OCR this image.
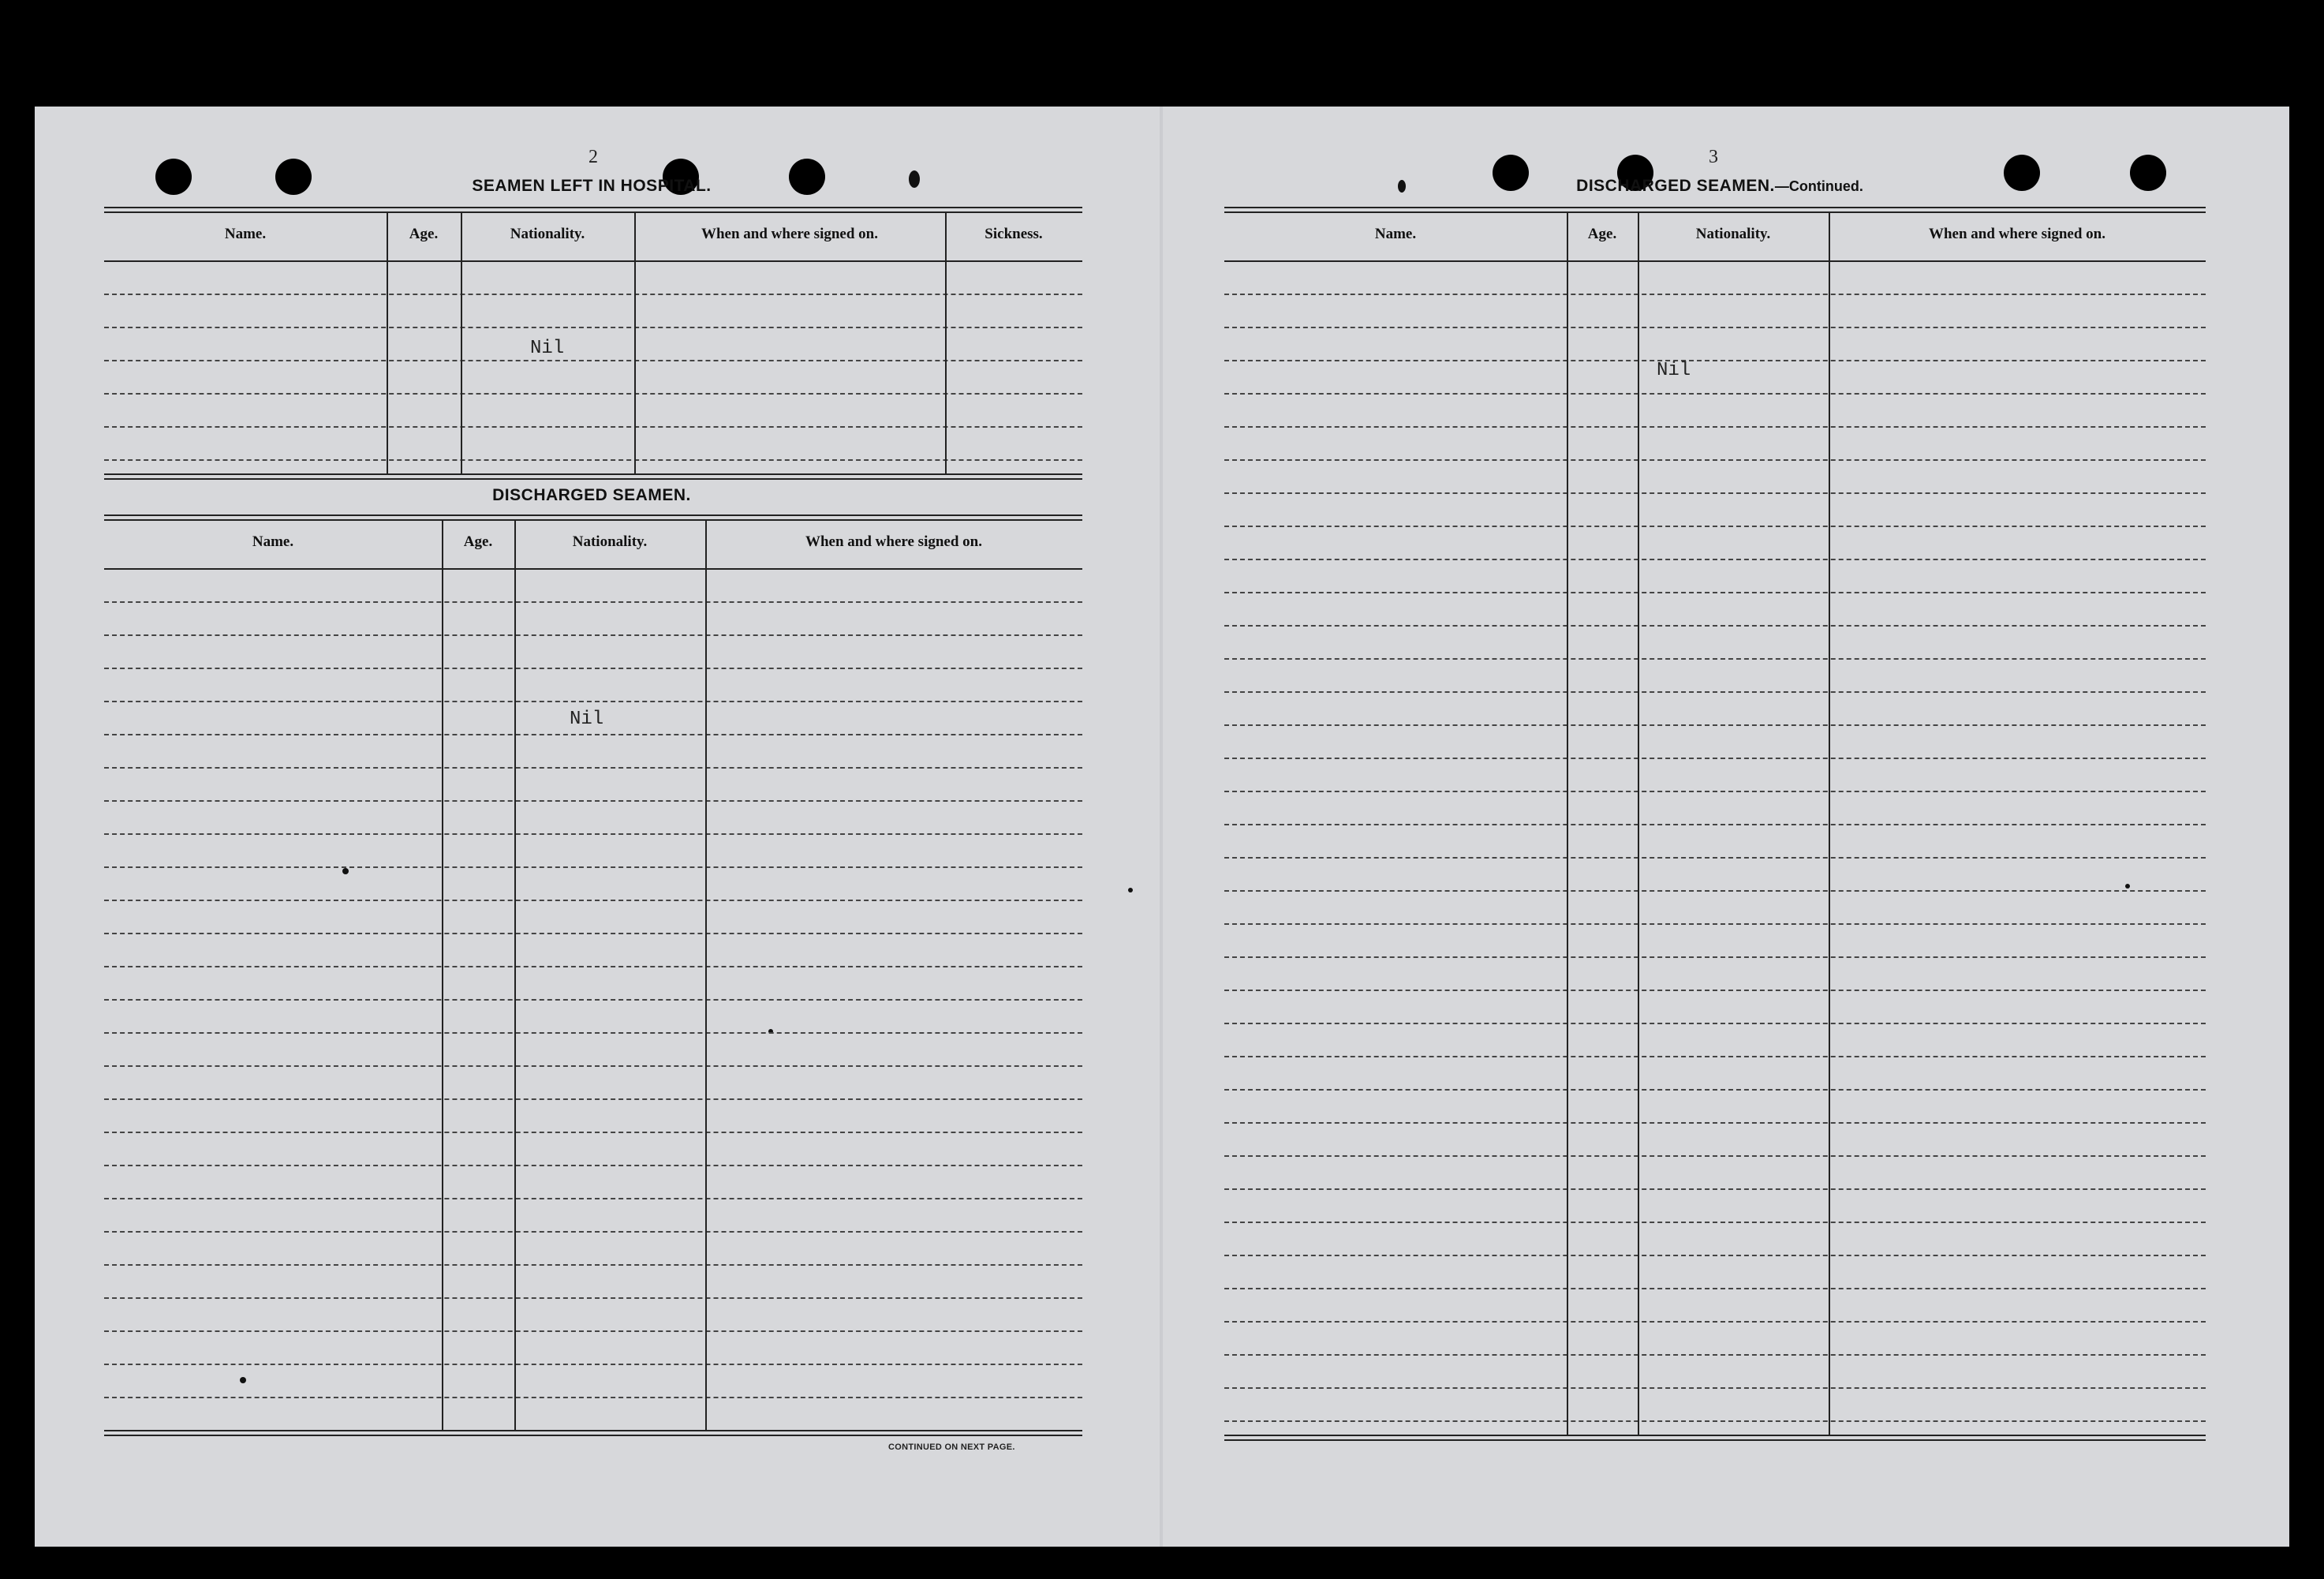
2
SEAMEN LEFT IN HOSPITAL.
Name.	Age.	Nationality.	When and where signed on.	Sickness.
Nil
DISCHARGED SEAMEN.
Name.	Age.	Nationality.	When and where signed on.
Nil
CONTINUED ON NEXT PAGE.
3
DISCHARGED SEAMEN.—Continued.
Name.	Age.	Nationality.	When and where signed on.
Nil
